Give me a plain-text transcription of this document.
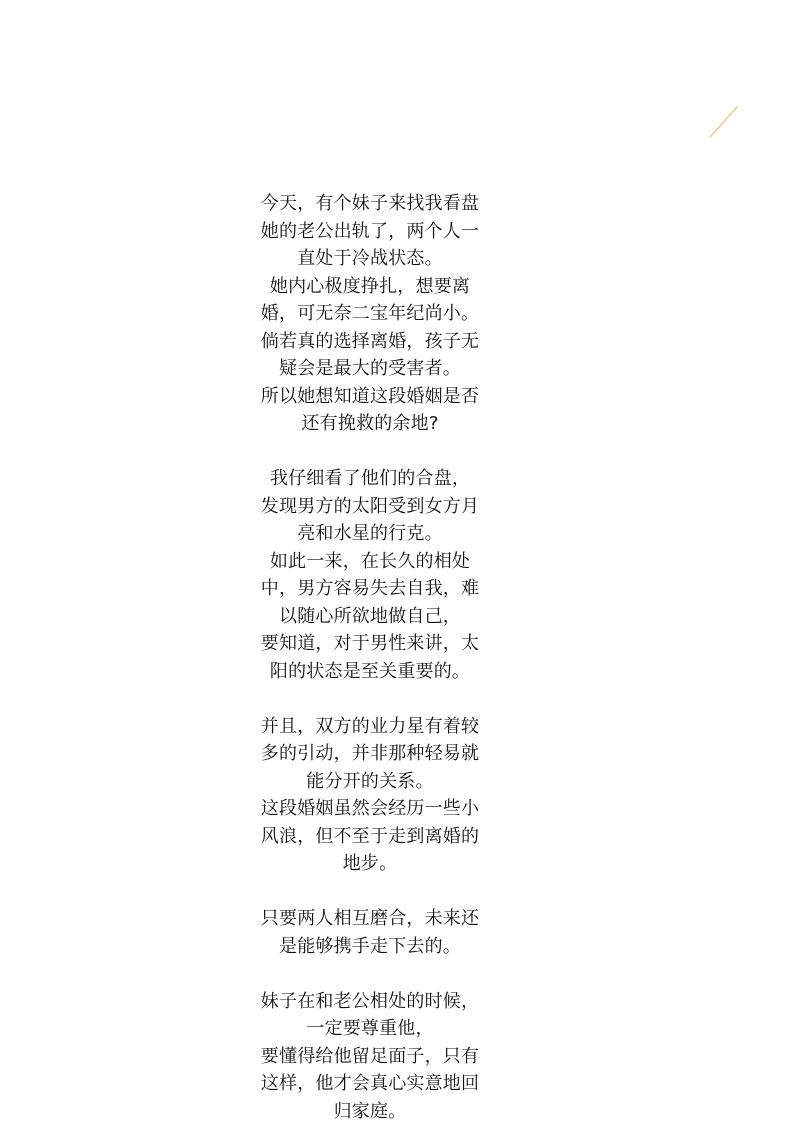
今天，有个妹子来找我看盘
她的老公出轨了，两个人一
直处于冷战状态。
她内心极度挣扎，想要离
婚，可无奈二宝年纪尚小。
倘若真的选择离婚，孩子无
疑会是最大的受害者。
所以她想知道这段婚姻是否
还有挽救的余地?
我仔细看了他们的合盘，
发现男方的太阳受到女方月
亮和水星的行克。
如此一来，在长久的相处
中，男方容易失去自我，难
以随心所欲地做自己，
要知道，对于男性来讲，太
阳的状态是至关重要的。
并且，双方的业力星有着较
多的引动，并非那种轻易就
能分开的关系。
这段婚姻虽然会经历一些小
风浪，但不至于走到离婚的
地步。
只要两人相互磨合，未来还
是能够携手走下去的。
妹子在和老公相处的时候，
一定要尊重他，
要懂得给他留足面子，只有
这样，他才会真心实意地回
归家庭。
